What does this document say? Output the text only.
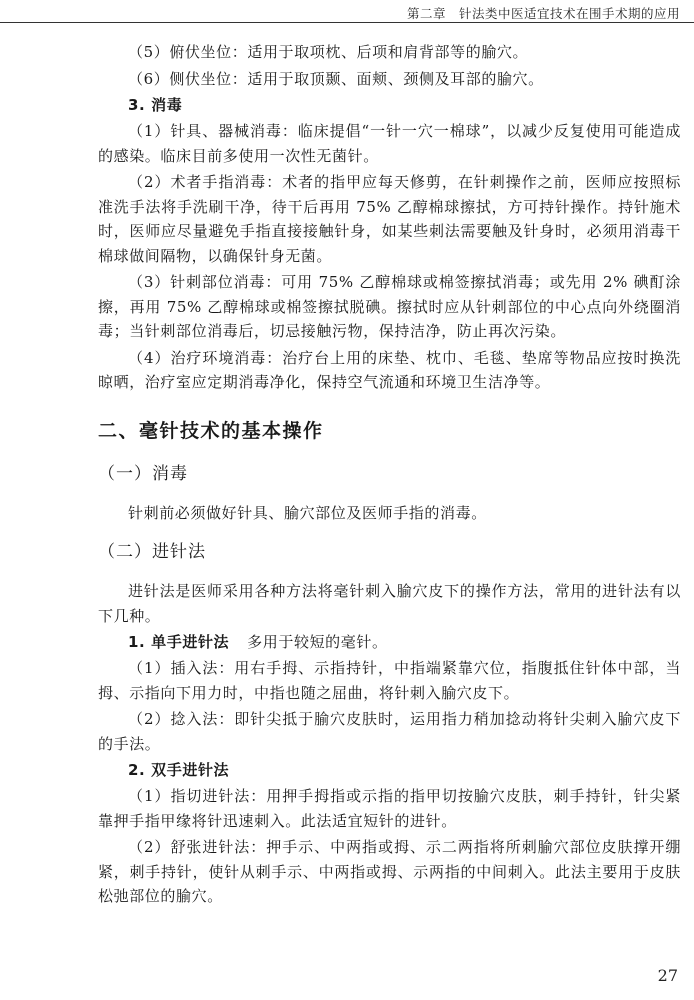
第二章　针法类中医适宜技术在围手术期的应用

（5）俯伏坐位：适用于取项枕、后项和肩背部等的腧穴。

（6）侧伏坐位：适用于取顶颞、面颊、颈侧及耳部的腧穴。

3. 消毒

（1）针具、器械消毒：临床提倡“一针一穴一棉球”，以减少反复使用可能造成的感染。临床目前多使用一次性无菌针。

（2）术者手指消毒：术者的指甲应每天修剪，在针刺操作之前，医师应按照标准洗手法将手洗刷干净，待干后再用 75% 乙醇棉球擦拭，方可持针操作。持针施术时，医师应尽量避免手指直接接触针身，如某些刺法需要触及针身时，必须用消毒干棉球做间隔物，以确保针身无菌。

（3）针刺部位消毒：可用 75% 乙醇棉球或棉签擦拭消毒；或先用 2% 碘酊涂擦，再用 75% 乙醇棉球或棉签擦拭脱碘。擦拭时应从针刺部位的中心点向外绕圈消毒；当针刺部位消毒后，切忌接触污物，保持洁净，防止再次污染。

（4）治疗环境消毒：治疗台上用的床垫、枕巾、毛毯、垫席等物品应按时换洗晾晒，治疗室应定期消毒净化，保持空气流通和环境卫生洁净等。

二、毫针技术的基本操作
（一）消毒

针刺前必须做好针具、腧穴部位及医师手指的消毒。

（二）进针法

进针法是医师采用各种方法将毫针刺入腧穴皮下的操作方法，常用的进针法有以下几种。

1. 单手进针法 多用于较短的毫针。

（1）插入法：用右手拇、示指持针，中指端紧靠穴位，指腹抵住针体中部，当拇、示指向下用力时，中指也随之屈曲，将针刺入腧穴皮下。

（2）捻入法：即针尖抵于腧穴皮肤时，运用指力稍加捻动将针尖刺入腧穴皮下的手法。

2. 双手进针法

（1）指切进针法：用押手拇指或示指的指甲切按腧穴皮肤，刺手持针，针尖紧靠押手指甲缘将针迅速刺入。此法适宜短针的进针。

（2）舒张进针法：押手示、中两指或拇、示二两指将所刺腧穴部位皮肤撑开绷紧，刺手持针，使针从刺手示、中两指或拇、示两指的中间刺入。此法主要用于皮肤松弛部位的腧穴。

27
